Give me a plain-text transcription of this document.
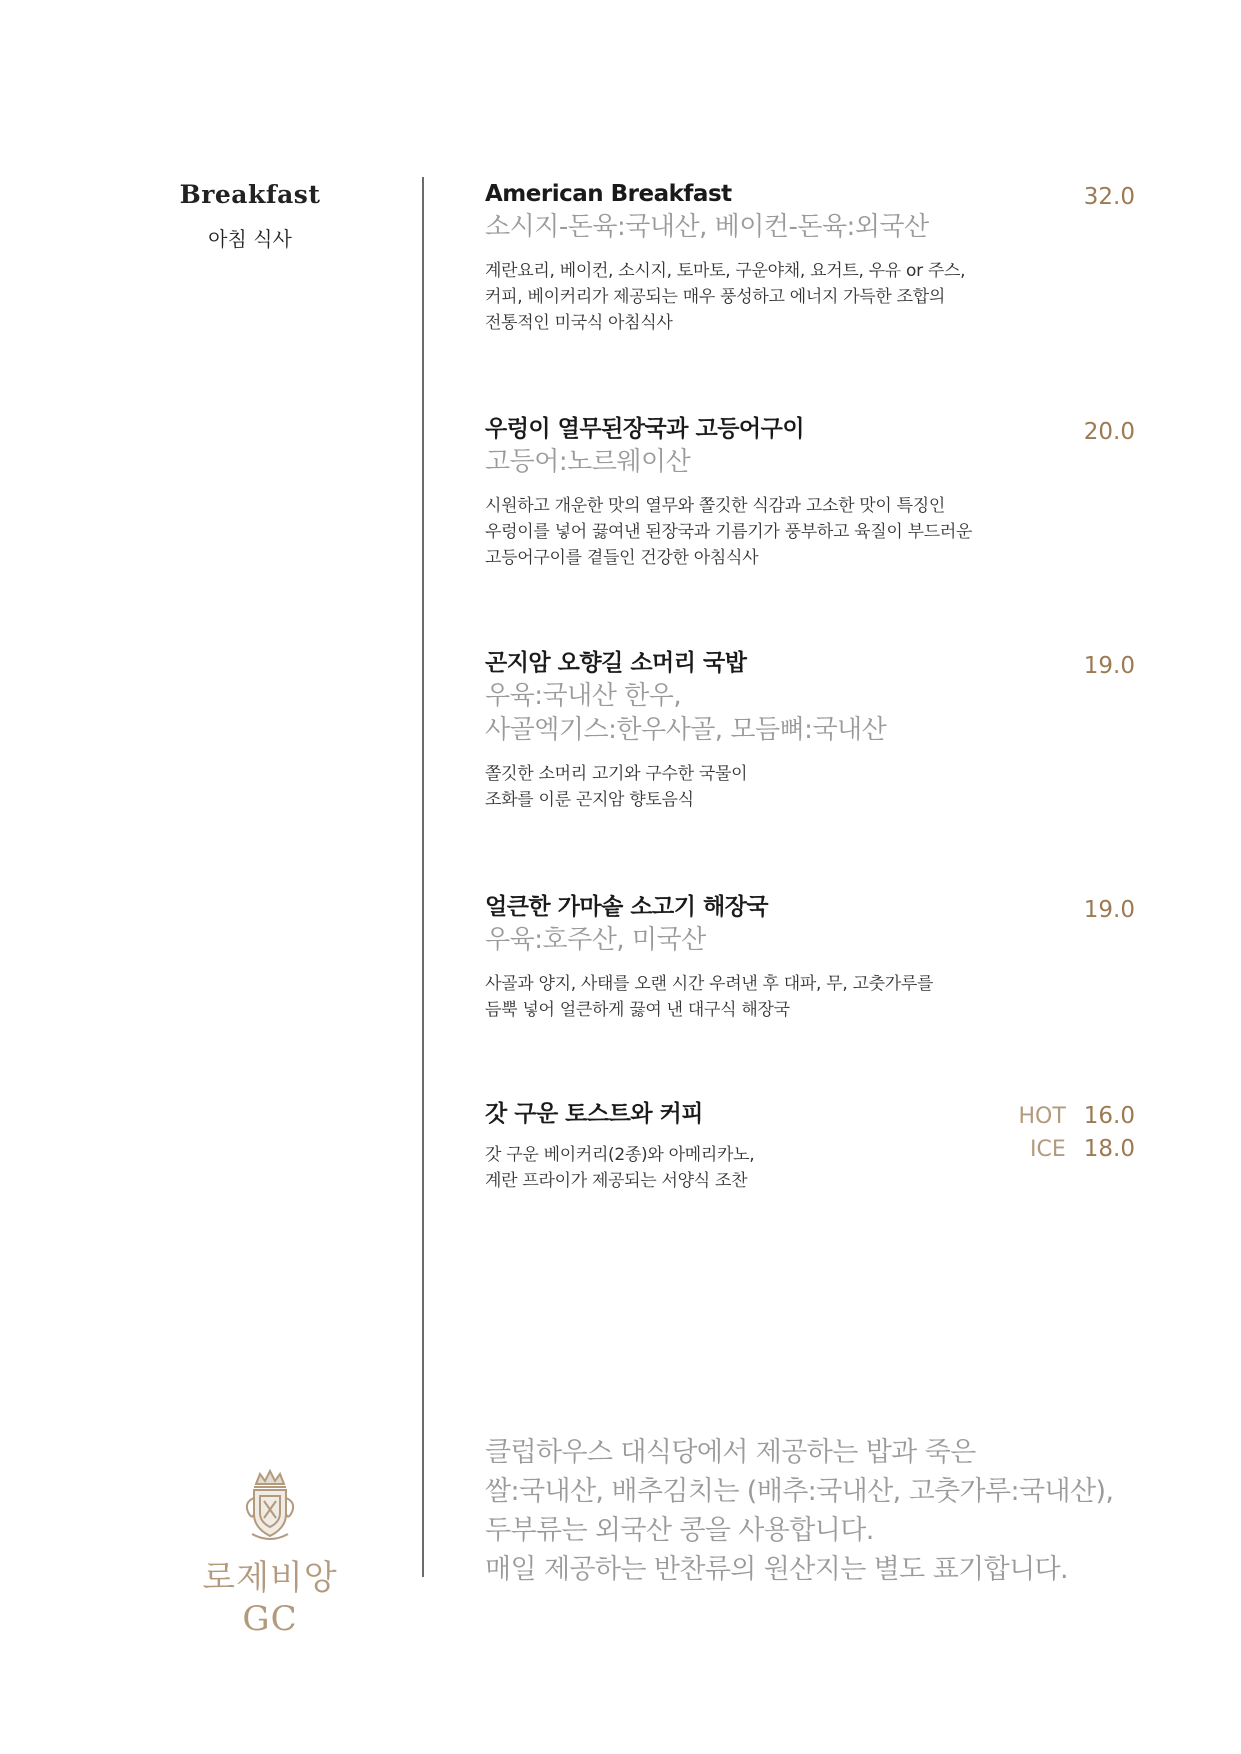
Breakfast
아침 식사
American Breakfast
소시지-돈육:국내산, 베이컨-돈육:외국산
계란요리, 베이컨, 소시지, 토마토, 구운야채, 요거트, 우유 or 주스,
커피, 베이커리가 제공되는 매우 풍성하고 에너지 가득한 조합의
전통적인 미국식 아침식사
32.0
우렁이 열무된장국과 고등어구이
고등어:노르웨이산
시원하고 개운한 맛의 열무와 쫄깃한 식감과 고소한 맛이 특징인
우렁이를 넣어 끓여낸 된장국과 기름기가 풍부하고 육질이 부드러운
고등어구이를 곁들인 건강한 아침식사
20.0
곤지암 오향길 소머리 국밥
우육:국내산 한우,
사골엑기스:한우사골, 모듬뼈:국내산
쫄깃한 소머리 고기와 구수한 국물이
조화를 이룬 곤지암 향토음식
19.0
얼큰한 가마솥 소고기 해장국
우육:호주산, 미국산
사골과 양지, 사태를 오랜 시간 우려낸 후 대파, 무, 고춧가루를
듬뿍 넣어 얼큰하게 끓여 낸 대구식 해장국
19.0
갓 구운 토스트와 커피
갓 구운 베이커리(2종)와 아메리카노,
계란 프라이가 제공되는 서양식 조찬
HOT 16.0
ICE 18.0
클럽하우스 대식당에서 제공하는 밥과 죽은
쌀:국내산, 배추김치는 (배추:국내산, 고춧가루:국내산),
두부류는 외국산 콩을 사용합니다.
매일 제공하는 반찬류의 원산지는 별도 표기합니다.
로제비앙 GC
